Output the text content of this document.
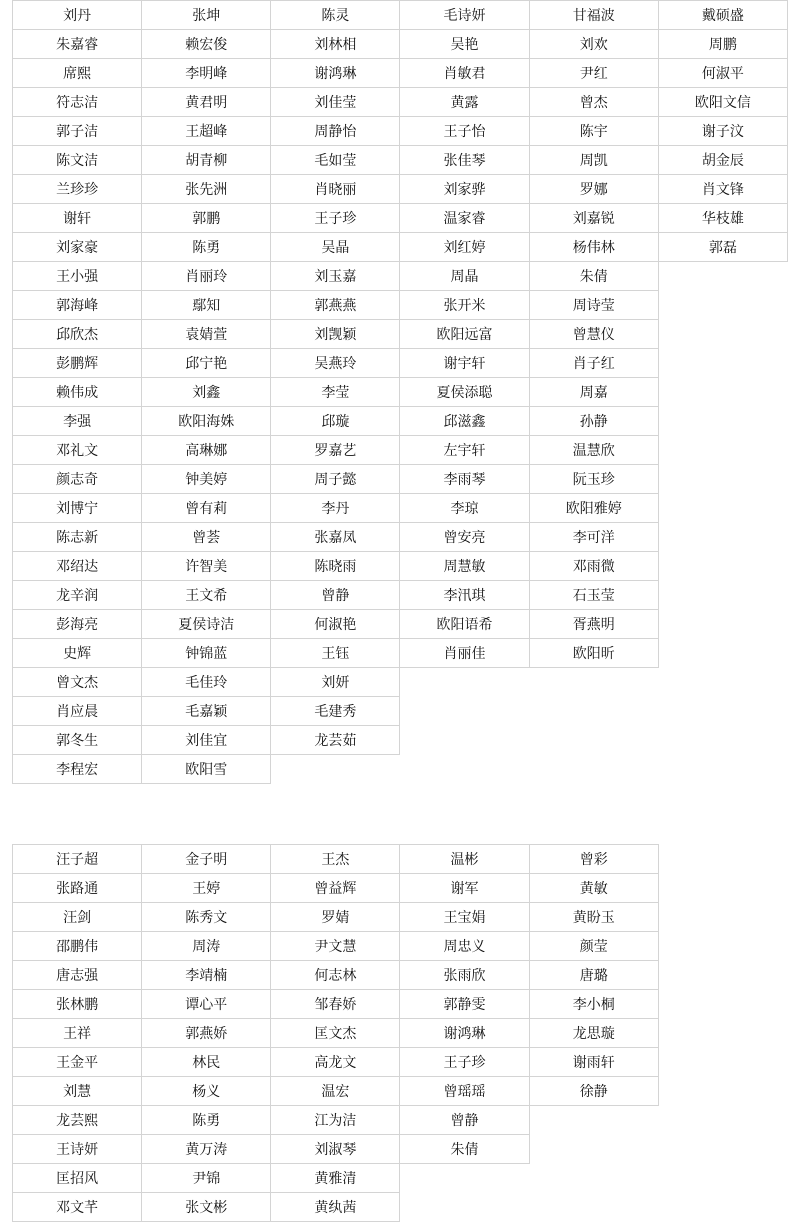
刘丹	张坤	陈灵	毛诗妍	甘福波	戴硕盛
朱嘉睿	赖宏俊	刘林相	吴艳	刘欢	周鹏
席熙	李明峰	谢鸿琳	肖敏君	尹红	何淑平
符志洁	黄君明	刘佳莹	黄露	曾杰	欧阳文信
郭子洁	王超峰	周静怡	王子怡	陈宇	谢子汶
陈文洁	胡青柳	毛如莹	张佳琴	周凯	胡金辰
兰珍珍	张先洲	肖晓丽	刘家骅	罗娜	肖文锋
谢轩	郭鹏	王子珍	温家睿	刘嘉锐	华枝雄
刘家豪	陈勇	吴晶	刘红婷	杨伟林	郭磊
王小强	肖丽玲	刘玉嘉	周晶	朱倩	
郭海峰	鄢知	郭燕燕	张开米	周诗莹	
邱欣杰	袁婧萱	刘觊颖	欧阳远富	曾慧仪	
彭鹏辉	邱宁艳	吴燕玲	谢宇轩	肖子红	
赖伟成	刘鑫	李莹	夏侯添聪	周嘉	
李强	欧阳海姝	邱璇	邱滋鑫	孙静	
邓礼文	高琳娜	罗嘉艺	左宇轩	温慧欣	
颜志奇	钟美婷	周子懿	李雨琴	阮玉珍	
刘博宁	曾有莉	李丹	李琼	欧阳雅婷	
陈志新	曾荟	张嘉凤	曾安亮	李可洋	
邓绍达	许智美	陈晓雨	周慧敏	邓雨微	
龙辛润	王文希	曾静	李汛琪	石玉莹	
彭海亮	夏侯诗洁	何淑艳	欧阳语希	胥燕明	
史辉	钟锦蓝	王钰	肖丽佳	欧阳昕	
曾文杰	毛佳玲	刘妍			
肖应晨	毛嘉颖	毛建秀			
郭冬生	刘佳宜	龙芸茹			
李程宏	欧阳雪				
汪子超	金子明	王杰	温彬	曾彩	
张路通	王婷	曾益辉	谢军	黄敏	
汪剑	陈秀文	罗婧	王宝娟	黄盼玉	
邵鹏伟	周涛	尹文慧	周忠义	颜莹	
唐志强	李靖楠	何志林	张雨欣	唐璐	
张林鹏	谭心平	邹春娇	郭静雯	李小桐	
王祥	郭燕娇	匡文杰	谢鸿琳	龙思璇	
王金平	林民	高龙文	王子珍	谢雨轩	
刘慧	杨义	温宏	曾瑶瑶	徐静	
龙芸熙	陈勇	江为洁	曾静		
王诗妍	黄万涛	刘淑琴	朱倩		
匡招风	尹锦	黄雅清			
邓文芊	张文彬	黄纨茜			
